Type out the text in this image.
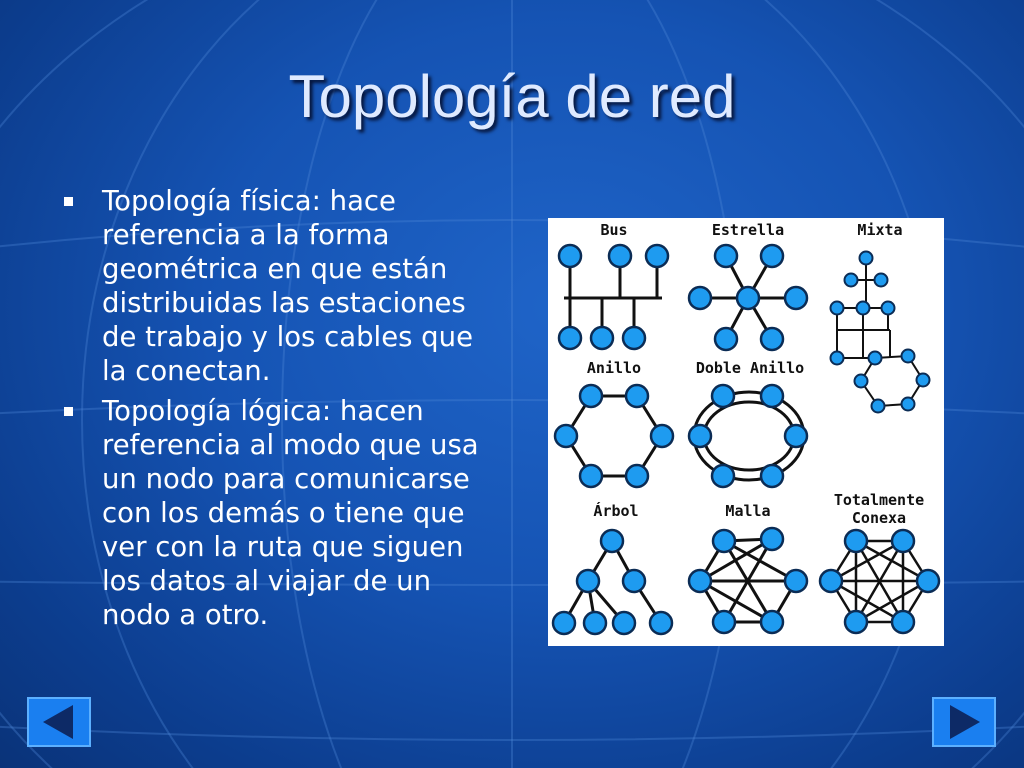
Topología de red
Topología física: hace referencia a la forma geométrica en que están distribuidas las estaciones de trabajo y los cables que la conectan.
Topología lógica: hacen referencia al modo que usa un nodo para comunicarse con los demás o tiene que ver con la ruta que siguen los datos al viajar de un nodo a otro.
Bus	Estrella	Mixta
Anillo	Doble Anillo
Árbol	Malla
Totalmente
Conexa
